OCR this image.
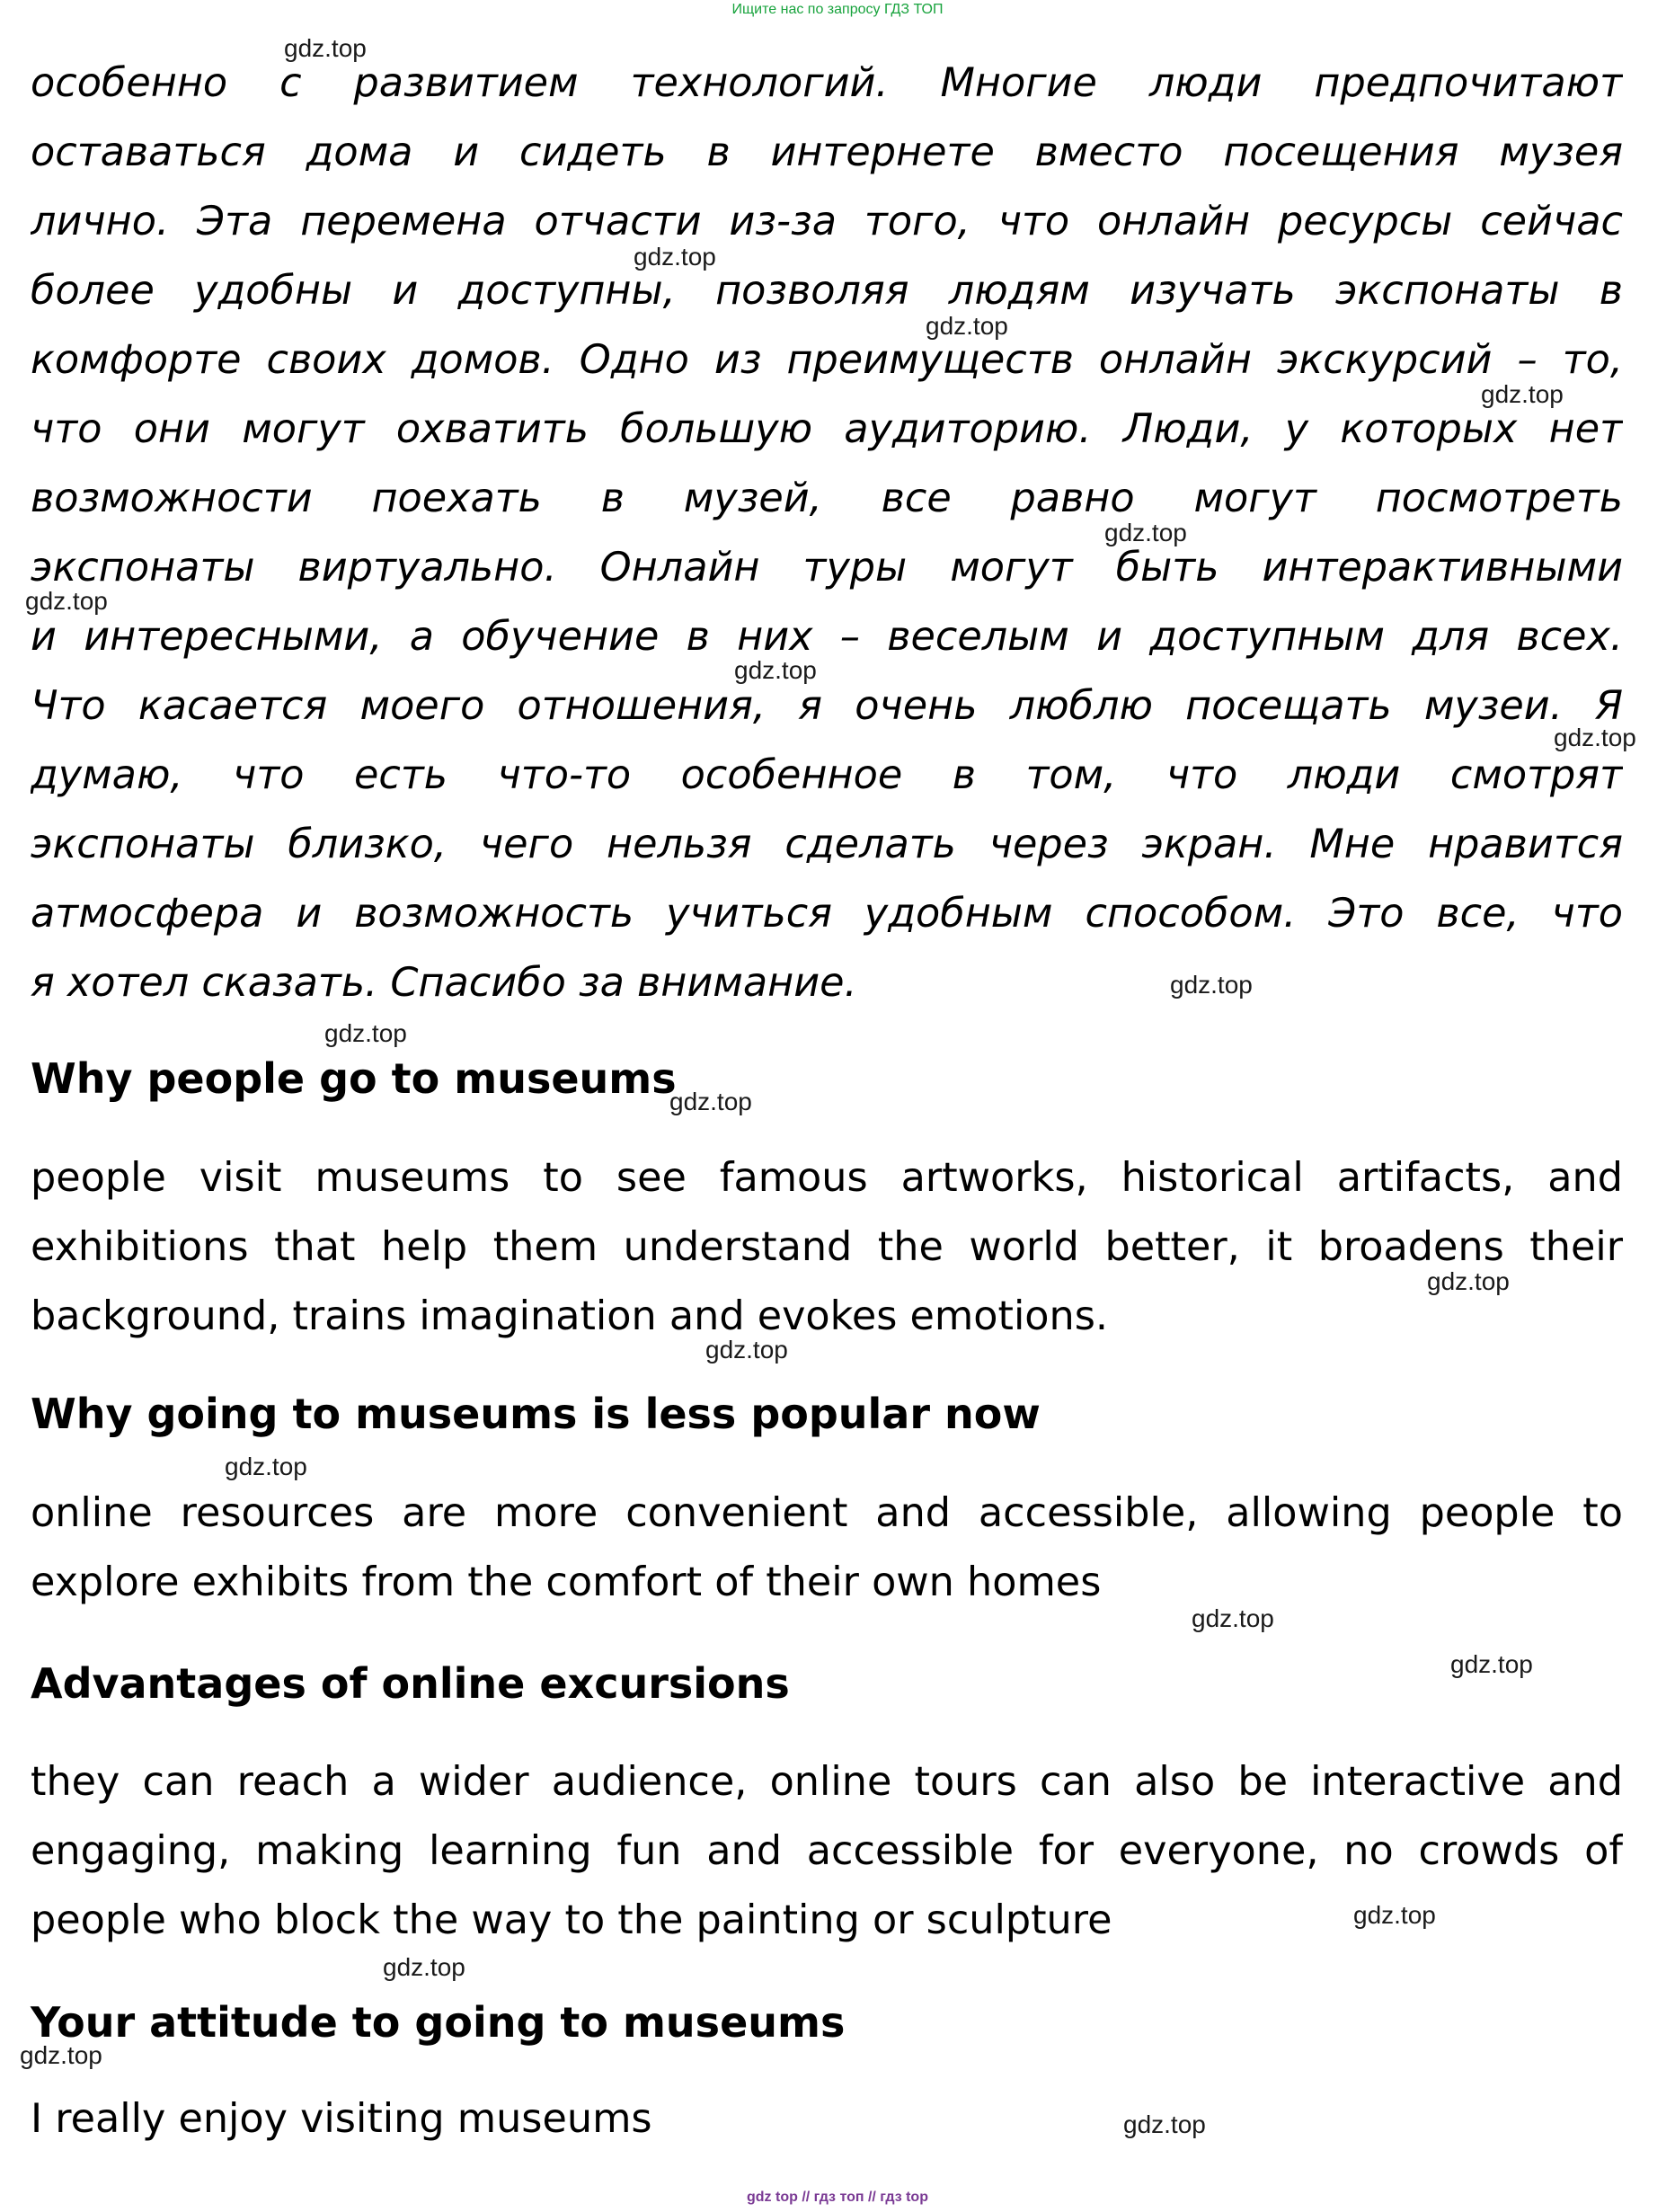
Ищите нас по запросу ГДЗ ТОП
особенно с развитием технологий. Многие люди предпочитают
оставаться дома и сидеть в интернете вместо посещения музея
лично. Эта перемена отчасти из-за того, что онлайн ресурсы сейчас
более удобны и доступны, позволяя людям изучать экспонаты в
комфорте своих домов. Одно из преимуществ онлайн экскурсий – то,
что они могут охватить большую аудиторию. Люди, у которых нет
возможности поехать в музей, все равно могут посмотреть
экспонаты виртуально. Онлайн туры могут быть интерактивными
и интересными, а обучение в них – веселым и доступным для всех.
Что касается моего отношения, я очень люблю посещать музеи. Я
думаю, что есть что-то особенное в том, что люди смотрят
экспонаты близко, чего нельзя сделать через экран. Мне нравится
атмосфера и возможность учиться удобным способом. Это все, что
я хотел сказать. Спасибо за внимание.
Why people go to museums
people visit museums to see famous artworks, historical artifacts, and
exhibitions that help them understand the world better, it broadens their
background, trains imagination and evokes emotions.
Why going to museums is less popular now
online resources are more convenient and accessible, allowing people to
explore exhibits from the comfort of their own homes
Advantages of online excursions
they can reach a wider audience, online tours can also be interactive and
engaging, making learning fun and accessible for everyone, no crowds of
people who block the way to the painting or sculpture
Your attitude to going to museums
I really enjoy visiting museums
gdz.top
gdz.top
gdz.top
gdz.top
gdz.top
gdz.top
gdz.top
gdz.top
gdz.top
gdz.top
gdz.top
gdz.top
gdz.top
gdz.top
gdz.top
gdz.top
gdz.top
gdz.top
gdz.top
gdz.top
gdz top // гдз топ // гдз top
